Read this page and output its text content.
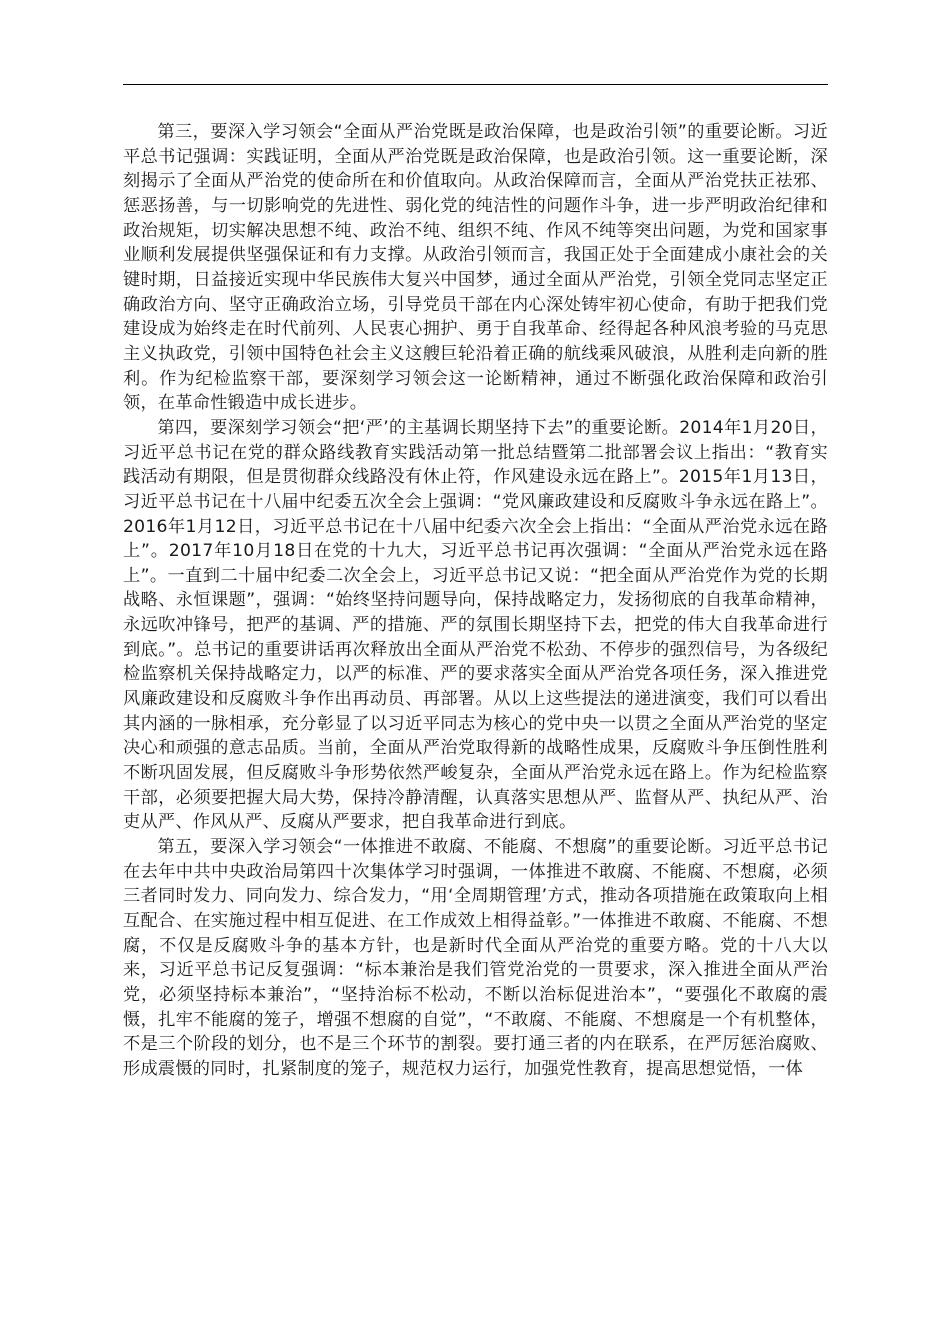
第三，要深入学习领会“全面从严治党既是政治保障，也是政治引领”的重要论断。习近平总书记强调：实践证明，全面从严治党既是政治保障，也是政治引领。这一重要论断，深刻揭示了全面从严治党的使命所在和价值取向。从政治保障而言，全面从严治党扶正祛邪、惩恶扬善，与一切影响党的先进性、弱化党的纯洁性的问题作斗争，进一步严明政治纪律和政治规矩，切实解决思想不纯、政治不纯、组织不纯、作风不纯等突出问题，为党和国家事业顺利发展提供坚强保证和有力支撑。从政治引领而言，我国正处于全面建成小康社会的关键时期，日益接近实现中华民族伟大复兴中国梦，通过全面从严治党，引领全党同志坚定正确政治方向、坚守正确政治立场，引导党员干部在内心深处铸牢初心使命，有助于把我们党建设成为始终走在时代前列、人民衷心拥护、勇于自我革命、经得起各种风浪考验的马克思主义执政党，引领中国特色社会主义这艘巨轮沿着正确的航线乘风破浪，从胜利走向新的胜利。作为纪检监察干部，要深刻学习领会这一论断精神，通过不断强化政治保障和政治引领，在革命性锻造中成长进步。

第四，要深刻学习领会“把‘严’的主基调长期坚持下去”的重要论断。2014年1月20日，习近平总书记在党的群众路线教育实践活动第一批总结暨第二批部署会议上指出：“教育实践活动有期限，但是贯彻群众线路没有休止符，作风建设永远在路上”。2015年1月13日，习近平总书记在十八届中纪委五次全会上强调：“党风廉政建设和反腐败斗争永远在路上”。2016年1月12日，习近平总书记在十八届中纪委六次全会上指出：“全面从严治党永远在路上”。2017年10月18日在党的十九大，习近平总书记再次强调：“全面从严治党永远在路上”。一直到二十届中纪委二次全会上，习近平总书记又说：“把全面从严治党作为党的长期战略、永恒课题”，强调：“始终坚持问题导向，保持战略定力，发扬彻底的自我革命精神，永远吹冲锋号，把严的基调、严的措施、严的氛围长期坚持下去，把党的伟大自我革命进行到底。”。总书记的重要讲话再次释放出全面从严治党不松劲、不停步的强烈信号，为各级纪检监察机关保持战略定力，以严的标准、严的要求落实全面从严治党各项任务，深入推进党风廉政建设和反腐败斗争作出再动员、再部署。从以上这些提法的递进演变，我们可以看出其内涵的一脉相承，充分彰显了以习近平同志为核心的党中央一以贯之全面从严治党的坚定决心和顽强的意志品质。当前，全面从严治党取得新的战略性成果，反腐败斗争压倒性胜利不断巩固发展，但反腐败斗争形势依然严峻复杂，全面从严治党永远在路上。作为纪检监察干部，必须要把握大局大势，保持冷静清醒，认真落实思想从严、监督从严、执纪从严、治吏从严、作风从严、反腐从严要求，把自我革命进行到底。

第五，要深入学习领会“一体推进不敢腐、不能腐、不想腐”的重要论断。习近平总书记在去年中共中央政治局第四十次集体学习时强调，一体推进不敢腐、不能腐、不想腐，必须三者同时发力、同向发力、综合发力，“用‘全周期管理’方式，推动各项措施在政策取向上相互配合、在实施过程中相互促进、在工作成效上相得益彰。”一体推进不敢腐、不能腐、不想腐，不仅是反腐败斗争的基本方针，也是新时代全面从严治党的重要方略。党的十八大以来，习近平总书记反复强调：“标本兼治是我们管党治党的一贯要求，深入推进全面从严治党，必须坚持标本兼治”，“坚持治标不松动，不断以治标促进治本”，“要强化不敢腐的震慑，扎牢不能腐的笼子，增强不想腐的自觉”，“不敢腐、不能腐、不想腐是一个有机整体，不是三个阶段的划分，也不是三个环节的割裂。要打通三者的内在联系，在严厉惩治腐败、形成震慑的同时，扎紧制度的笼子，规范权力运行，加强党性教育，提高思想觉悟，一体
